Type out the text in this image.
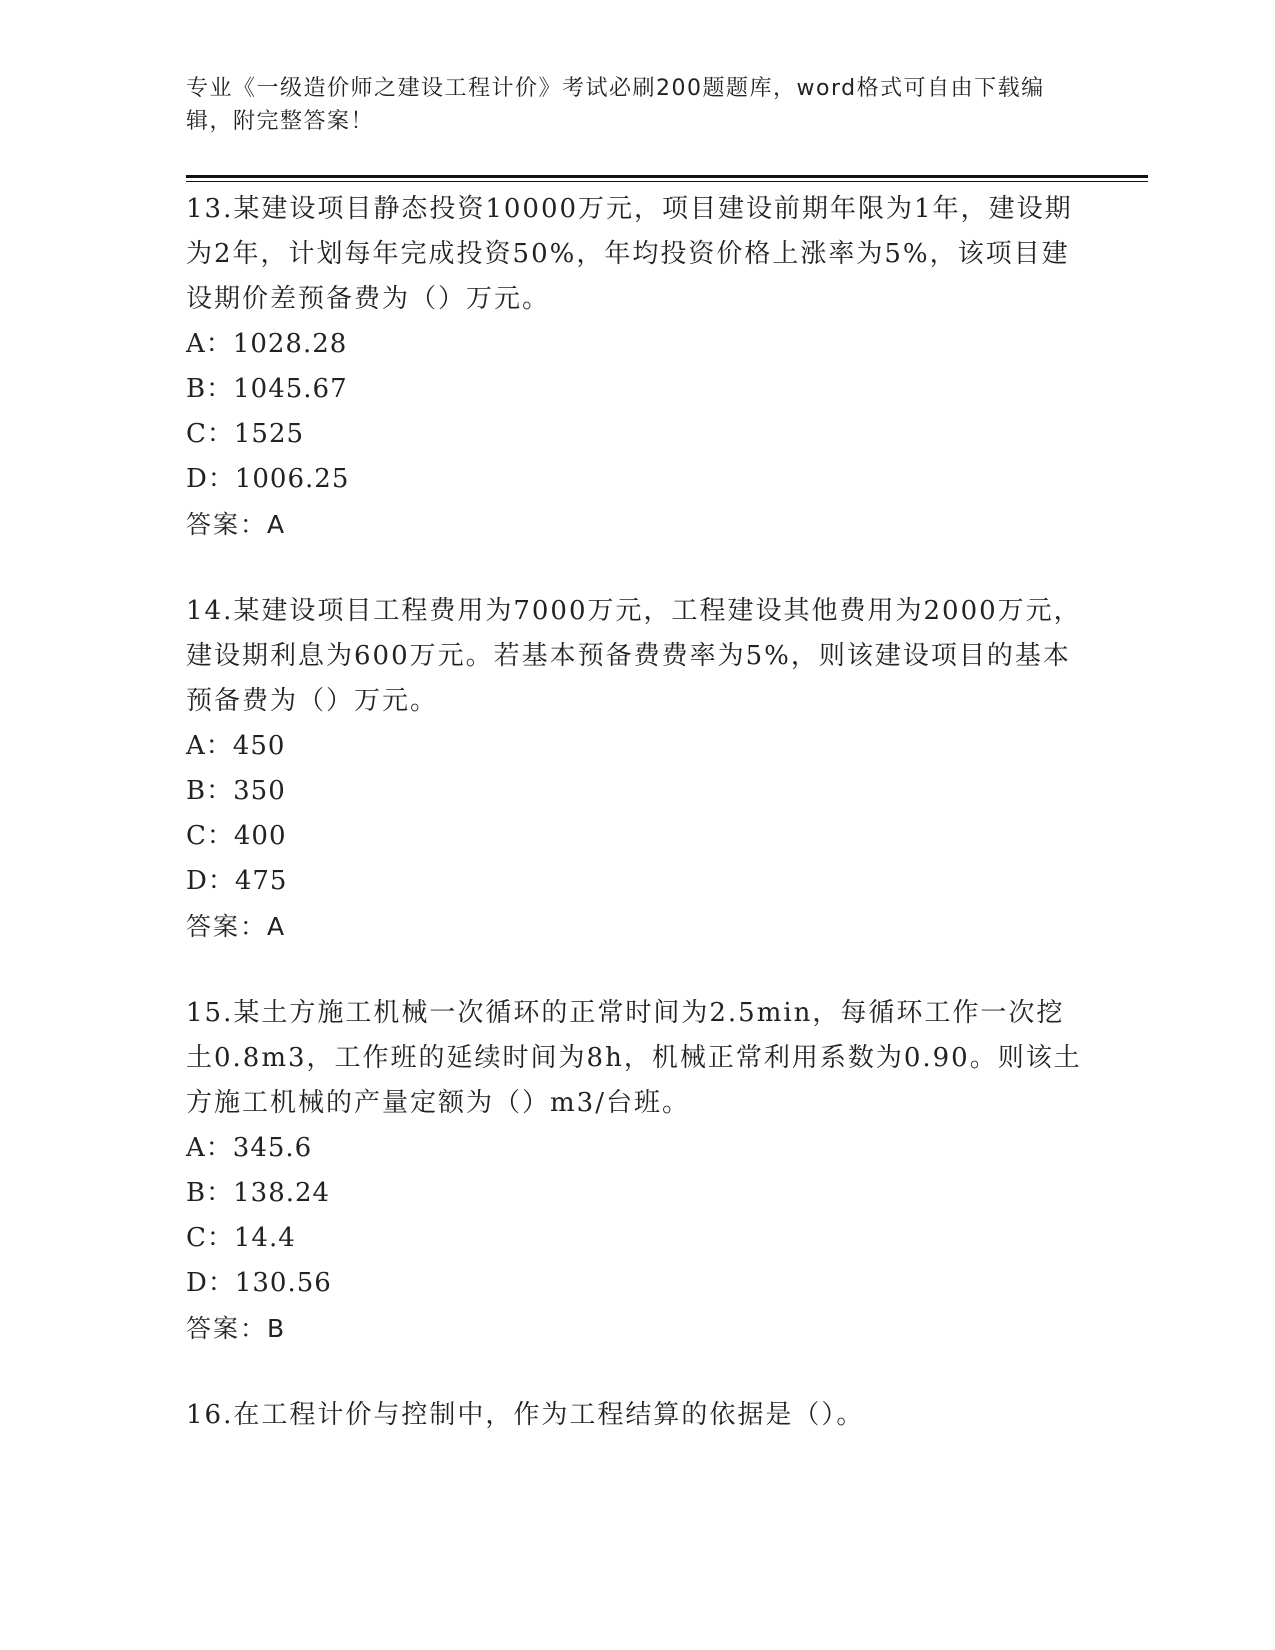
专业《一级造价师之建设工程计价》考试必刷200题题库，word格式可自由下载编辑，附完整答案！
13.某建设项目静态投资10000万元，项目建设前期年限为1年，建设期为2年，计划每年完成投资50%，年均投资价格上涨率为5%，该项目建设期价差预备费为（）万元。
A：1028.28
B：1045.67
C：1525
D：1006.25
答案：A
14.某建设项目工程费用为7000万元，工程建设其他费用为2000万元，建设期利息为600万元。若基本预备费费率为5%，则该建设项目的基本预备费为（）万元。
A：450
B：350
C：400
D：475
答案：A
15.某土方施工机械一次循环的正常时间为2.5min，每循环工作一次挖土0.8m3，工作班的延续时间为8h，机械正常利用系数为0.90。则该土方施工机械的产量定额为（）m3/台班。
A：345.6
B：138.24
C：14.4
D：130.56
答案：B
16.在工程计价与控制中，作为工程结算的依据是（）。
